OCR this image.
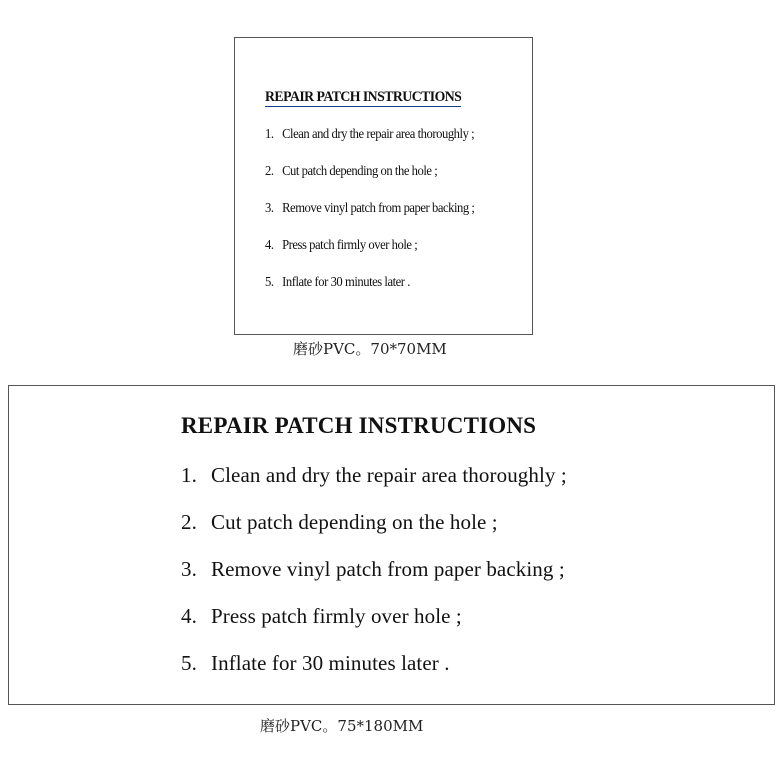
REPAIR PATCH INSTRUCTIONS
1. Clean and dry the repair area thoroughly ;
2. Cut patch depending on the hole ;
3. Remove vinyl patch from paper backing ;
4. Press patch firmly over hole ;
5. Inflate for 30 minutes later .
磨砂PVC。70*70MM
REPAIR PATCH INSTRUCTIONS
1. Clean and dry the repair area thoroughly ;
2. Cut patch depending on the hole ;
3. Remove vinyl patch from paper backing ;
4. Press patch firmly over hole ;
5. Inflate for 30 minutes later .
磨砂PVC。75*180MM
